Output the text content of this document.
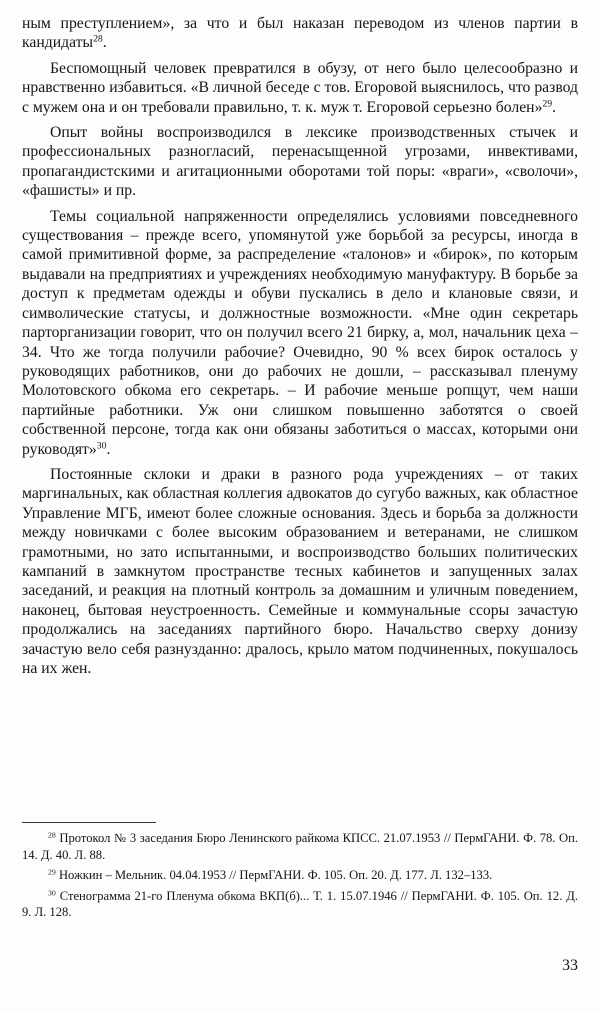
ным преступлением», за что и был наказан переводом из членов партии в кандидаты$^{28}$.

Беспомощный человек превратился в обузу, от него было целесообразно и нравственно избавиться. «В личной беседе с тов. Егоровой выяснилось, что развод с мужем она и он требовали правильно, т. к. муж т. Егоровой серьезно болен»$^{29}$.

Опыт войны воспроизводился в лексике производственных стычек и профессиональных разногласий, перенасыщенной угрозами, инвективами, пропагандистскими и агитационными оборотами той поры: «враги», «сволочи», «фашисты» и пр.

Темы социальной напряженности определялись условиями повседневного существования – прежде всего, упомянутой уже борьбой за ресурсы, иногда в самой примитивной форме, за распределение «талонов» и «бирок», по которым выдавали на предприятиях и учреждениях необходимую мануфактуру. В борьбе за доступ к предметам одежды и обуви пускались в дело и клановые связи, и символические статусы, и должностные возможности. «Мне один секретарь парторганизации говорит, что он получил всего 21 бирку, а, мол, начальник цеха – 34. Что же тогда получили рабочие? Очевидно, 90 % всех бирок осталось у руководящих работников, они до рабочих не дошли, – рассказывал пленуму Молотовского обкома его секретарь. – И рабочие меньше ропщут, чем наши партийные работники. Уж они слишком повышенно заботятся о своей собственной персоне, тогда как они обязаны заботиться о массах, которыми они руководят»$^{30}$.

Постоянные склоки и драки в разного рода учреждениях – от таких маргинальных, как областная коллегия адвокатов до сугубо важных, как областное Управление МГБ, имеют более сложные основания. Здесь и борьба за должности между новичками с более высоким образованием и ветеранами, не слишком грамотными, но зато испытанными, и воспроизводство больших политических кампаний в замкнутом пространстве тесных кабинетов и запущенных залах заседаний, и реакция на плотный контроль за домашним и уличным поведением, наконец, бытовая неустроенность. Семейные и коммунальные ссоры зачастую продолжались на заседаниях партийного бюро. Начальство сверху донизу зачастую вело себя разнузданно: дралось, крыло матом подчиненных, покушалось на их жен.

$^{28}$ Протокол № 3 заседания Бюро Ленинского райкома КПСС. 21.07.1953 // ПермГАНИ. Ф. 78. Оп. 14. Д. 40. Л. 88.

$^{29}$ Ножкин – Мельник. 04.04.1953 // ПермГАНИ. Ф. 105. Оп. 20. Д. 177. Л. 132–133.

$^{30}$ Стенограмма 21-го Пленума обкома ВКП(б)... Т. 1. 15.07.1946 // ПермГАНИ. Ф. 105. Оп. 12. Д. 9. Л. 128.

33
